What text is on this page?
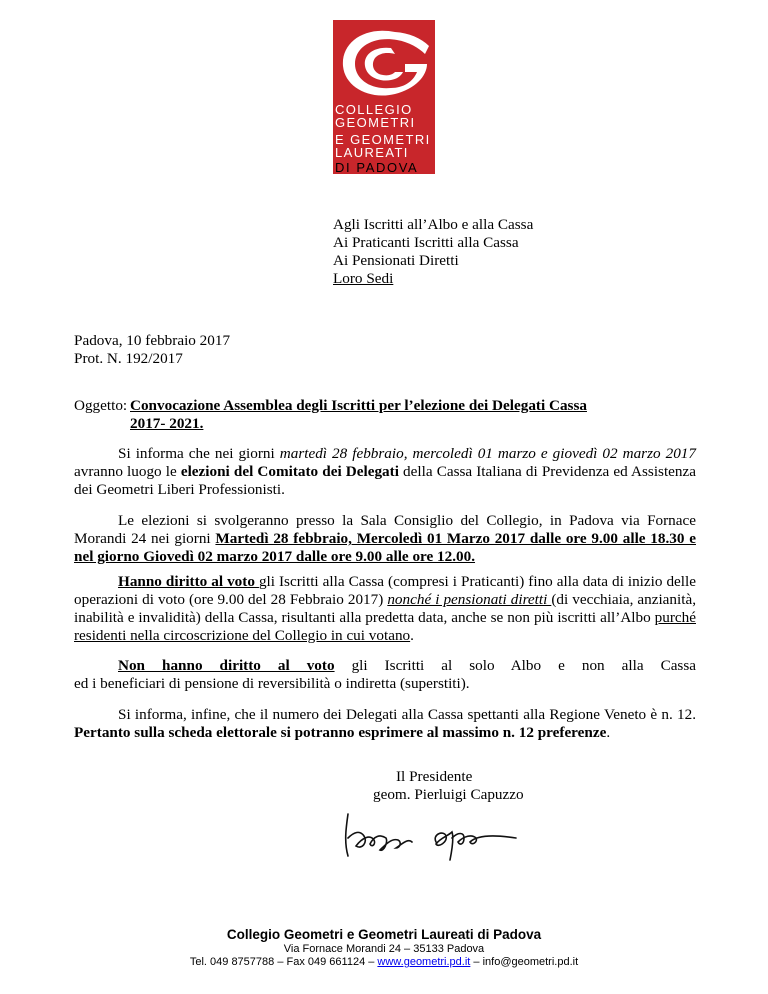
COLLEGIO
GEOMETRI
E GEOMETRI
LAUREATI
DI PADOVA
Agli Iscritti all’Albo e alla Cassa
Ai Praticanti Iscritti alla Cassa
Ai Pensionati Diretti
Loro Sedi
Padova, 10 febbraio 2017
Prot. N. 192/2017
Oggetto: Convocazione Assemblea degli Iscritti per l’elezione dei Delegati Cassa
2017- 2021.
Si informa che nei giorni martedì 28 febbraio, mercoledì 01 marzo e giovedì 02 marzo 2017 avranno luogo le elezioni del Comitato dei Delegati della Cassa Italiana di Previdenza ed Assistenza dei Geometri Liberi Professionisti.
Le elezioni si svolgeranno presso la Sala Consiglio del Collegio, in Padova via Fornace Morandi 24 nei giorni Martedì 28 febbraio, Mercoledì 01 Marzo 2017 dalle ore 9.00 alle 18.30 e nel giorno Giovedì 02 marzo 2017 dalle ore 9.00 alle ore 12.00.
Hanno diritto al voto gli Iscritti alla Cassa (compresi i Praticanti) fino alla data di inizio delle operazioni di voto (ore 9.00 del 28 Febbraio 2017) nonché i pensionati diretti (di vecchiaia, anzianità, inabilità e invalidità) della Cassa, risultanti alla predetta data, anche se non più iscritti all’Albo purché residenti nella circoscrizione del Collegio in cui votano.
Non hanno diritto al voto gli Iscritti al solo Albo e non alla Cassa
ed i beneficiari di pensione di reversibilità o indiretta (superstiti).
Si informa, infine, che il numero dei Delegati alla Cassa spettanti alla Regione Veneto è n. 12. Pertanto sulla scheda elettorale si potranno esprimere al massimo n. 12 preferenze.
Il Presidente
geom. Pierluigi Capuzzo
Collegio Geometri e Geometri Laureati di Padova
Via Fornace Morandi 24 – 35133 Padova
Tel. 049 8757788 – Fax 049 661124 – www.geometri.pd.it – info@geometri.pd.it
